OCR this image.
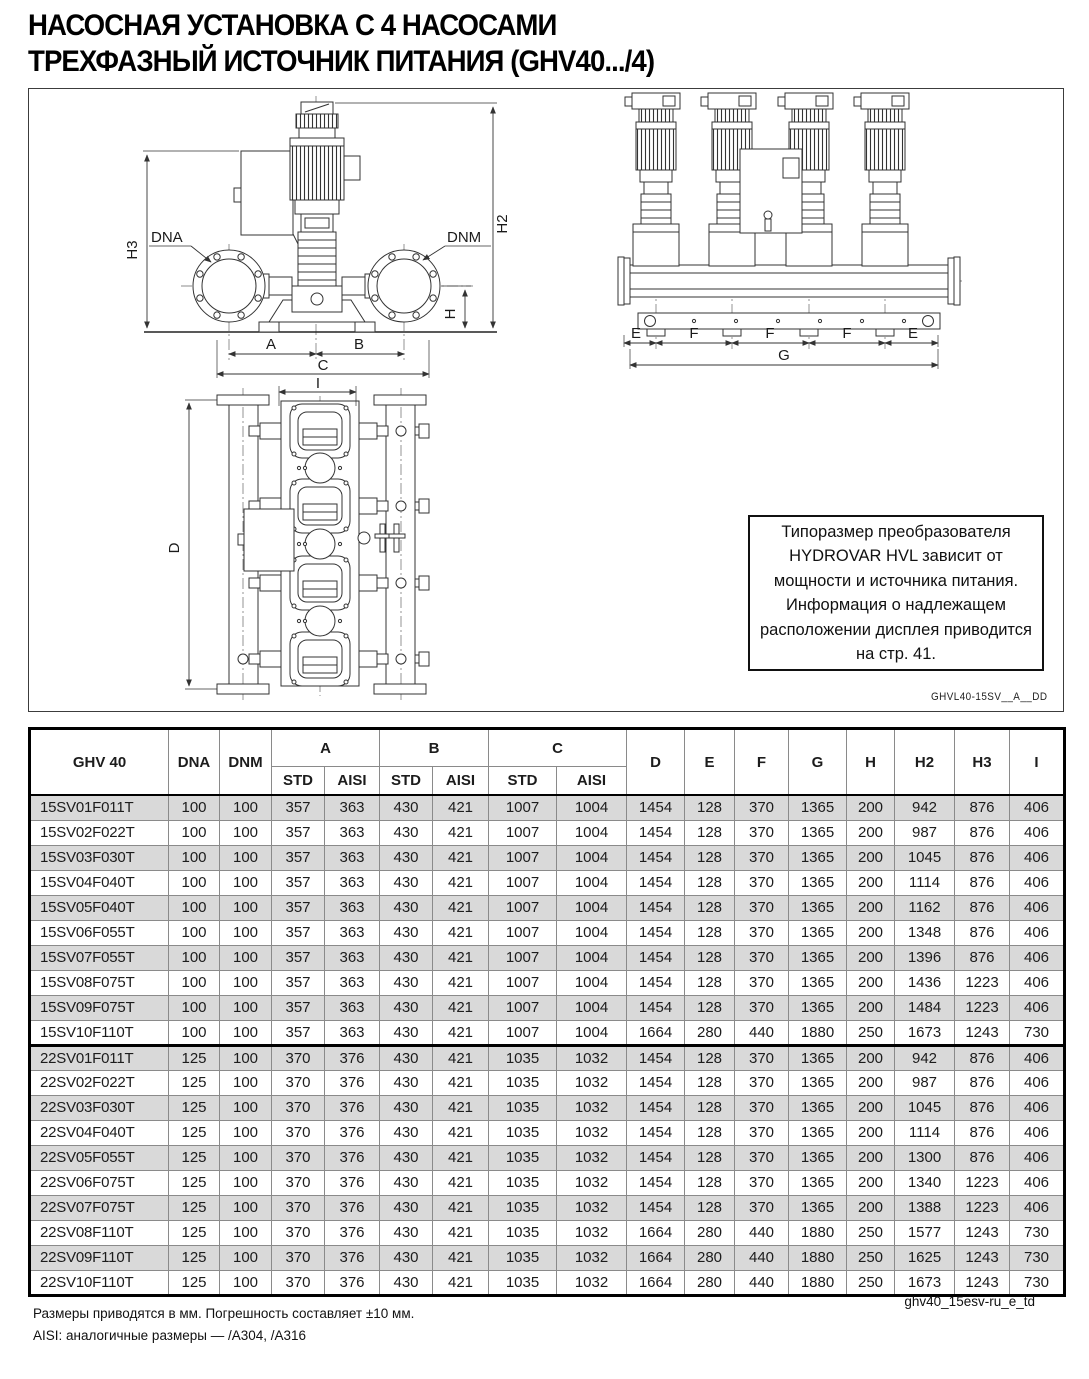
НАСОСНАЯ УСТАНОВКА С 4 НАСОСАМИ
ТРЕХФАЗНЫЙ ИСТОЧНИК ПИТАНИЯ (GHV40.../4)
H3
H2
H
A	B
C
DNA	DNM
E	F	F	F	E
G
D
I
Типоразмер преобразователя
HYDROVAR HVL зависит от
мощности и источника питания.
Информация о надлежащем
расположении дисплея приводится
на стр. 41.
GHVL40-15SV__A__DD
GHV 40	DNA	DNM	A		B		C		D	E	F	G	H	H2	H3	I
			STD	AISI	STD	AISI	STD	AISI								
15SV01F011T	100	100	357	363	430	421	1007	1004	1454	128	370	1365	200	942	876	406
15SV02F022T	100	100	357	363	430	421	1007	1004	1454	128	370	1365	200	987	876	406
15SV03F030T	100	100	357	363	430	421	1007	1004	1454	128	370	1365	200	1045	876	406
15SV04F040T	100	100	357	363	430	421	1007	1004	1454	128	370	1365	200	1114	876	406
15SV05F040T	100	100	357	363	430	421	1007	1004	1454	128	370	1365	200	1162	876	406
15SV06F055T	100	100	357	363	430	421	1007	1004	1454	128	370	1365	200	1348	876	406
15SV07F055T	100	100	357	363	430	421	1007	1004	1454	128	370	1365	200	1396	876	406
15SV08F075T	100	100	357	363	430	421	1007	1004	1454	128	370	1365	200	1436	1223	406
15SV09F075T	100	100	357	363	430	421	1007	1004	1454	128	370	1365	200	1484	1223	406
15SV10F110T	100	100	357	363	430	421	1007	1004	1664	280	440	1880	250	1673	1243	730
22SV01F011T	125	100	370	376	430	421	1035	1032	1454	128	370	1365	200	942	876	406
22SV02F022T	125	100	370	376	430	421	1035	1032	1454	128	370	1365	200	987	876	406
22SV03F030T	125	100	370	376	430	421	1035	1032	1454	128	370	1365	200	1045	876	406
22SV04F040T	125	100	370	376	430	421	1035	1032	1454	128	370	1365	200	1114	876	406
22SV05F055T	125	100	370	376	430	421	1035	1032	1454	128	370	1365	200	1300	876	406
22SV06F075T	125	100	370	376	430	421	1035	1032	1454	128	370	1365	200	1340	1223	406
22SV07F075T	125	100	370	376	430	421	1035	1032	1454	128	370	1365	200	1388	1223	406
22SV08F110T	125	100	370	376	430	421	1035	1032	1664	280	440	1880	250	1577	1243	730
22SV09F110T	125	100	370	376	430	421	1035	1032	1664	280	440	1880	250	1625	1243	730
22SV10F110T	125	100	370	376	430	421	1035	1032	1664	280	440	1880	250	1673	1243	730
ghv40_15esv-ru_e_td
Размеры приводятся в мм. Погрешность составляет ±10 мм.
AISI: аналогичные размеры — /А304, /А316
